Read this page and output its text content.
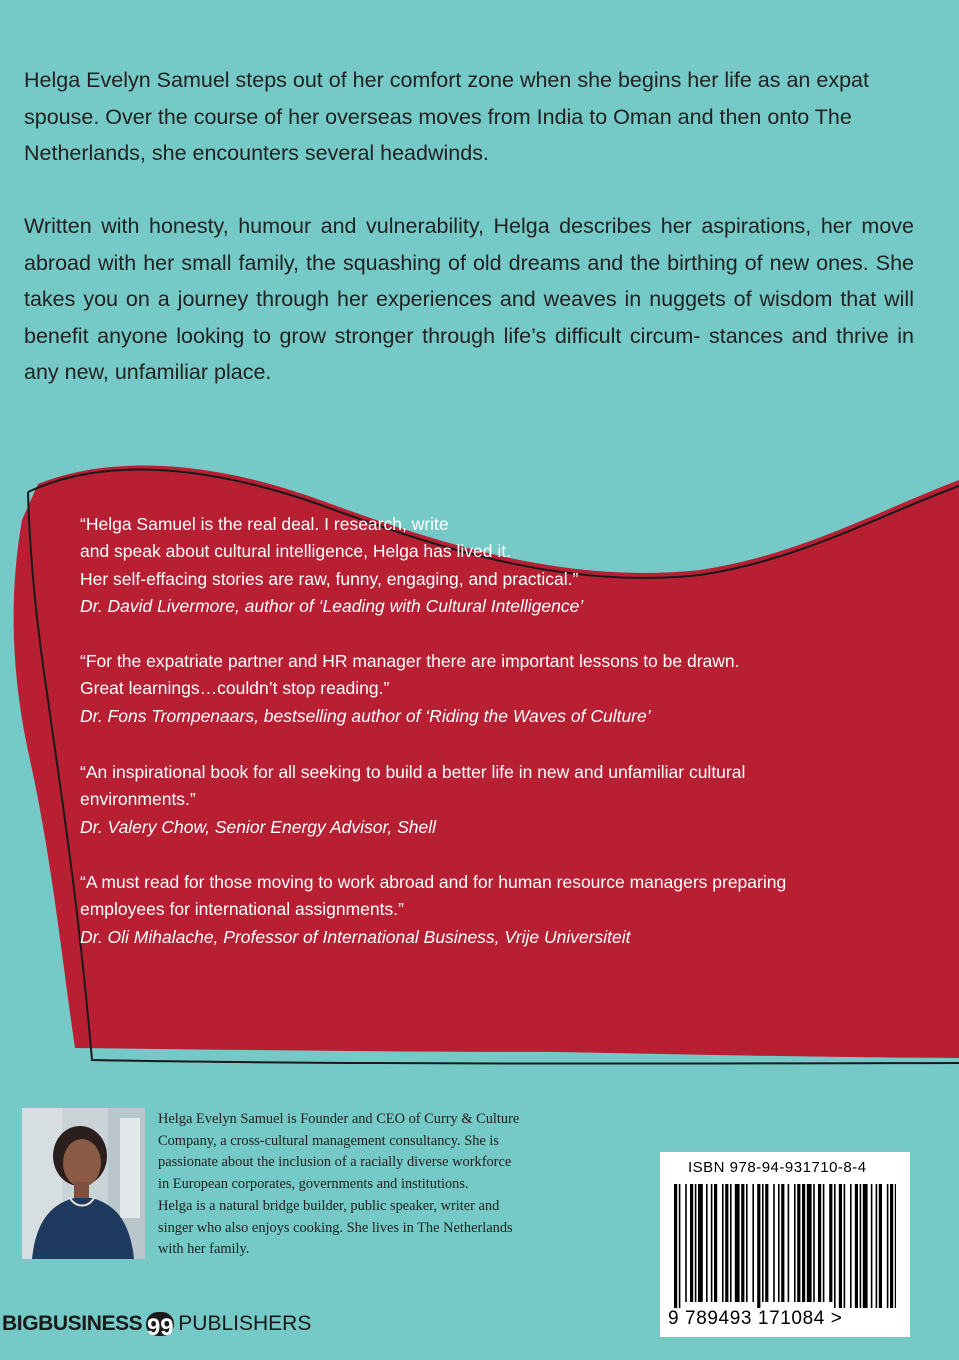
Helga Evelyn Samuel steps out of her comfort zone when she begins her life as an expat spouse. Over the course of her overseas moves from India to Oman and then onto The Netherlands, she encounters several headwinds.

Written with honesty, humour and vulnerability, Helga describes her aspirations, her move abroad with her small family, the squashing of old dreams and the birthing of new ones. She takes you on a journey through her experiences and weaves in nuggets of wisdom that will benefit anyone looking to grow stronger through life’s difficult circum- stances and thrive in any new, unfamiliar place.

“Helga Samuel is the real deal. I research, write
and speak about cultural intelligence, Helga has lived it.
Her self-effacing stories are raw, funny, engaging, and practical.”
Dr. David Livermore, author of ‘Leading with Cultural Intelligence’
“For the expatriate partner and HR manager there are important lessons to be drawn.
Great learnings…couldn’t stop reading.”
Dr. Fons Trompenaars, bestselling author of ‘Riding the Waves of Culture’
“An inspirational book for all seeking to build a better life in new and unfamiliar cultural
environments.”
Dr. Valery Chow, Senior Energy Advisor, Shell
“A must read for those moving to work abroad and for human resource managers preparing
employees for international assignments.”
Dr. Oli Mihalache, Professor of International Business, Vrije Universiteit
Helga Evelyn Samuel is Founder and CEO of Curry & Culture
Company, a cross-cultural management consultancy. She is
passionate about the inclusion of a racially diverse workforce
in European corporates, governments and institutions.
Helga is a natural bridge builder, public speaker, writer and
singer who also enjoys cooking. She lives in The Netherlands
with her family.
ISBN 978-94-931710-8-4
9 789493 171084 >
BIGBUSINESS 99 PUBLISHERS
